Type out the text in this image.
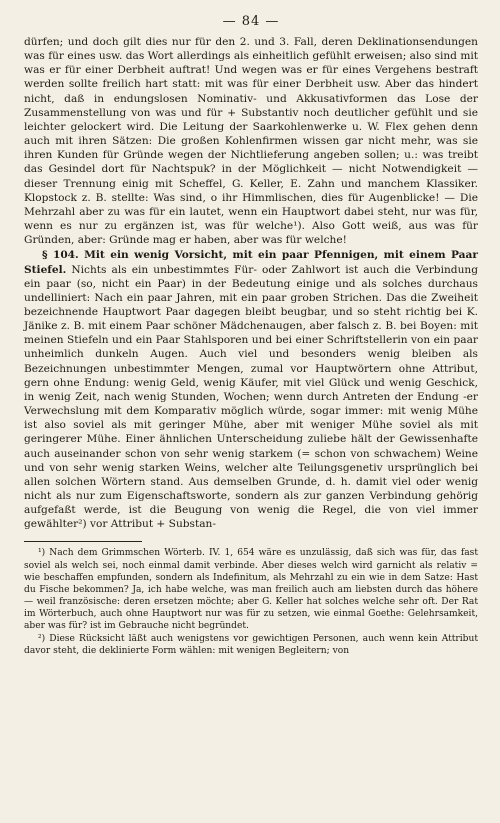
— 84 —

dürfen; und doch gilt dies nur für den 2. und 3. Fall, deren Deklinationsendungen was für eines usw. das Wort allerdings als einheitlich gefühlt erweisen; also sind mit was er für einer Derbheit auftrat! Und wegen was er für eines Vergehens bestraft werden sollte freilich hart statt: mit was für einer Derbheit usw. Aber das hindert nicht, daß in endungslosen Nominativ- und Akkusativformen das Lose der Zusammenstellung von was und für + Substantiv noch deutlicher gefühlt und sie leichter gelockert wird. Die Leitung der Saarkohlenwerke u. W. Flex gehen denn auch mit ihren Sätzen: Die großen Kohlenfirmen wissen gar nicht mehr, was sie ihren Kunden für Gründe wegen der Nichtlieferung angeben sollen; u.: was treibt das Gesindel dort für Nachtspuk? in der Möglichkeit — nicht Notwendigkeit — dieser Trennung einig mit Scheffel, G. Keller, E. Zahn und manchem Klassiker. Klopstock z. B. stellte: Was sind, o ihr Himmlischen, dies für Augenblicke! — Die Mehrzahl aber zu was für ein lautet, wenn ein Hauptwort dabei steht, nur was für, wenn es nur zu ergänzen ist, was für welche¹). Also Gott weiß, aus was für Gründen, aber: Gründe mag er haben, aber was für welche!

§ 104. Mit ein wenig Vorsicht, mit ein paar Pfennigen, mit einem Paar Stiefel. Nichts als ein unbestimmtes Für- oder Zahlwort ist auch die Verbindung ein paar (so, nicht ein Paar) in der Bedeutung einige und als solches durchaus undelliniert: Nach ein paar Jahren, mit ein paar groben Strichen. Das die Zweiheit bezeichnende Hauptwort Paar dagegen bleibt beugbar, und so steht richtig bei K. Jänike z. B. mit einem Paar schöner Mädchenaugen, aber falsch z. B. bei Boyen: mit meinen Stiefeln und ein Paar Stahlsporen und bei einer Schriftstellerin von ein paar unheimlich dunkeln Augen. Auch viel und besonders wenig bleiben als Bezeichnungen unbestimmter Mengen, zumal vor Hauptwörtern ohne Attribut, gern ohne Endung: wenig Geld, wenig Käufer, mit viel Glück und wenig Geschick, in wenig Zeit, nach wenig Stunden, Wochen; wenn durch Antreten der Endung -er Verwechslung mit dem Komparativ möglich würde, sogar immer: mit wenig Mühe ist also soviel als mit geringer Mühe, aber mit weniger Mühe soviel als mit geringerer Mühe. Einer ähnlichen Unterscheidung zuliebe hält der Gewissenhafte auch auseinander schon von sehr wenig starkem (= schon von schwachem) Weine und von sehr wenig starken Weins, welcher alte Teilungsgenetiv ursprünglich bei allen solchen Wörtern stand. Aus demselben Grunde, d. h. damit viel oder wenig nicht als nur zum Eigenschaftsworte, sondern als zur ganzen Verbindung gehörig aufgefaßt werde, ist die Beugung von wenig die Regel, die von viel immer gewählter²) vor Attribut + Substan-

¹) Nach dem Grimmschen Wörterb. IV. 1, 654 wäre es unzulässig, daß sich was für, das fast soviel als welch sei, noch einmal damit verbinde. Aber dieses welch wird garnicht als relativ = wie beschaffen empfunden, sondern als Indefinitum, als Mehrzahl zu ein wie in dem Satze: Hast du Fische bekommen? Ja, ich habe welche, was man freilich auch am liebsten durch das höhere — weil französische: deren ersetzen möchte; aber G. Keller hat solches welche sehr oft. Der Rat im Wörterbuch, auch ohne Hauptwort nur was für zu setzen, wie einmal Goethe: Gelehrsamkeit, aber was für? ist im Gebrauche nicht begründet.

²) Diese Rücksicht läßt auch wenigstens vor gewichtigen Personen, auch wenn kein Attribut davor steht, die deklinierte Form wählen: mit wenigen Begleitern; von
